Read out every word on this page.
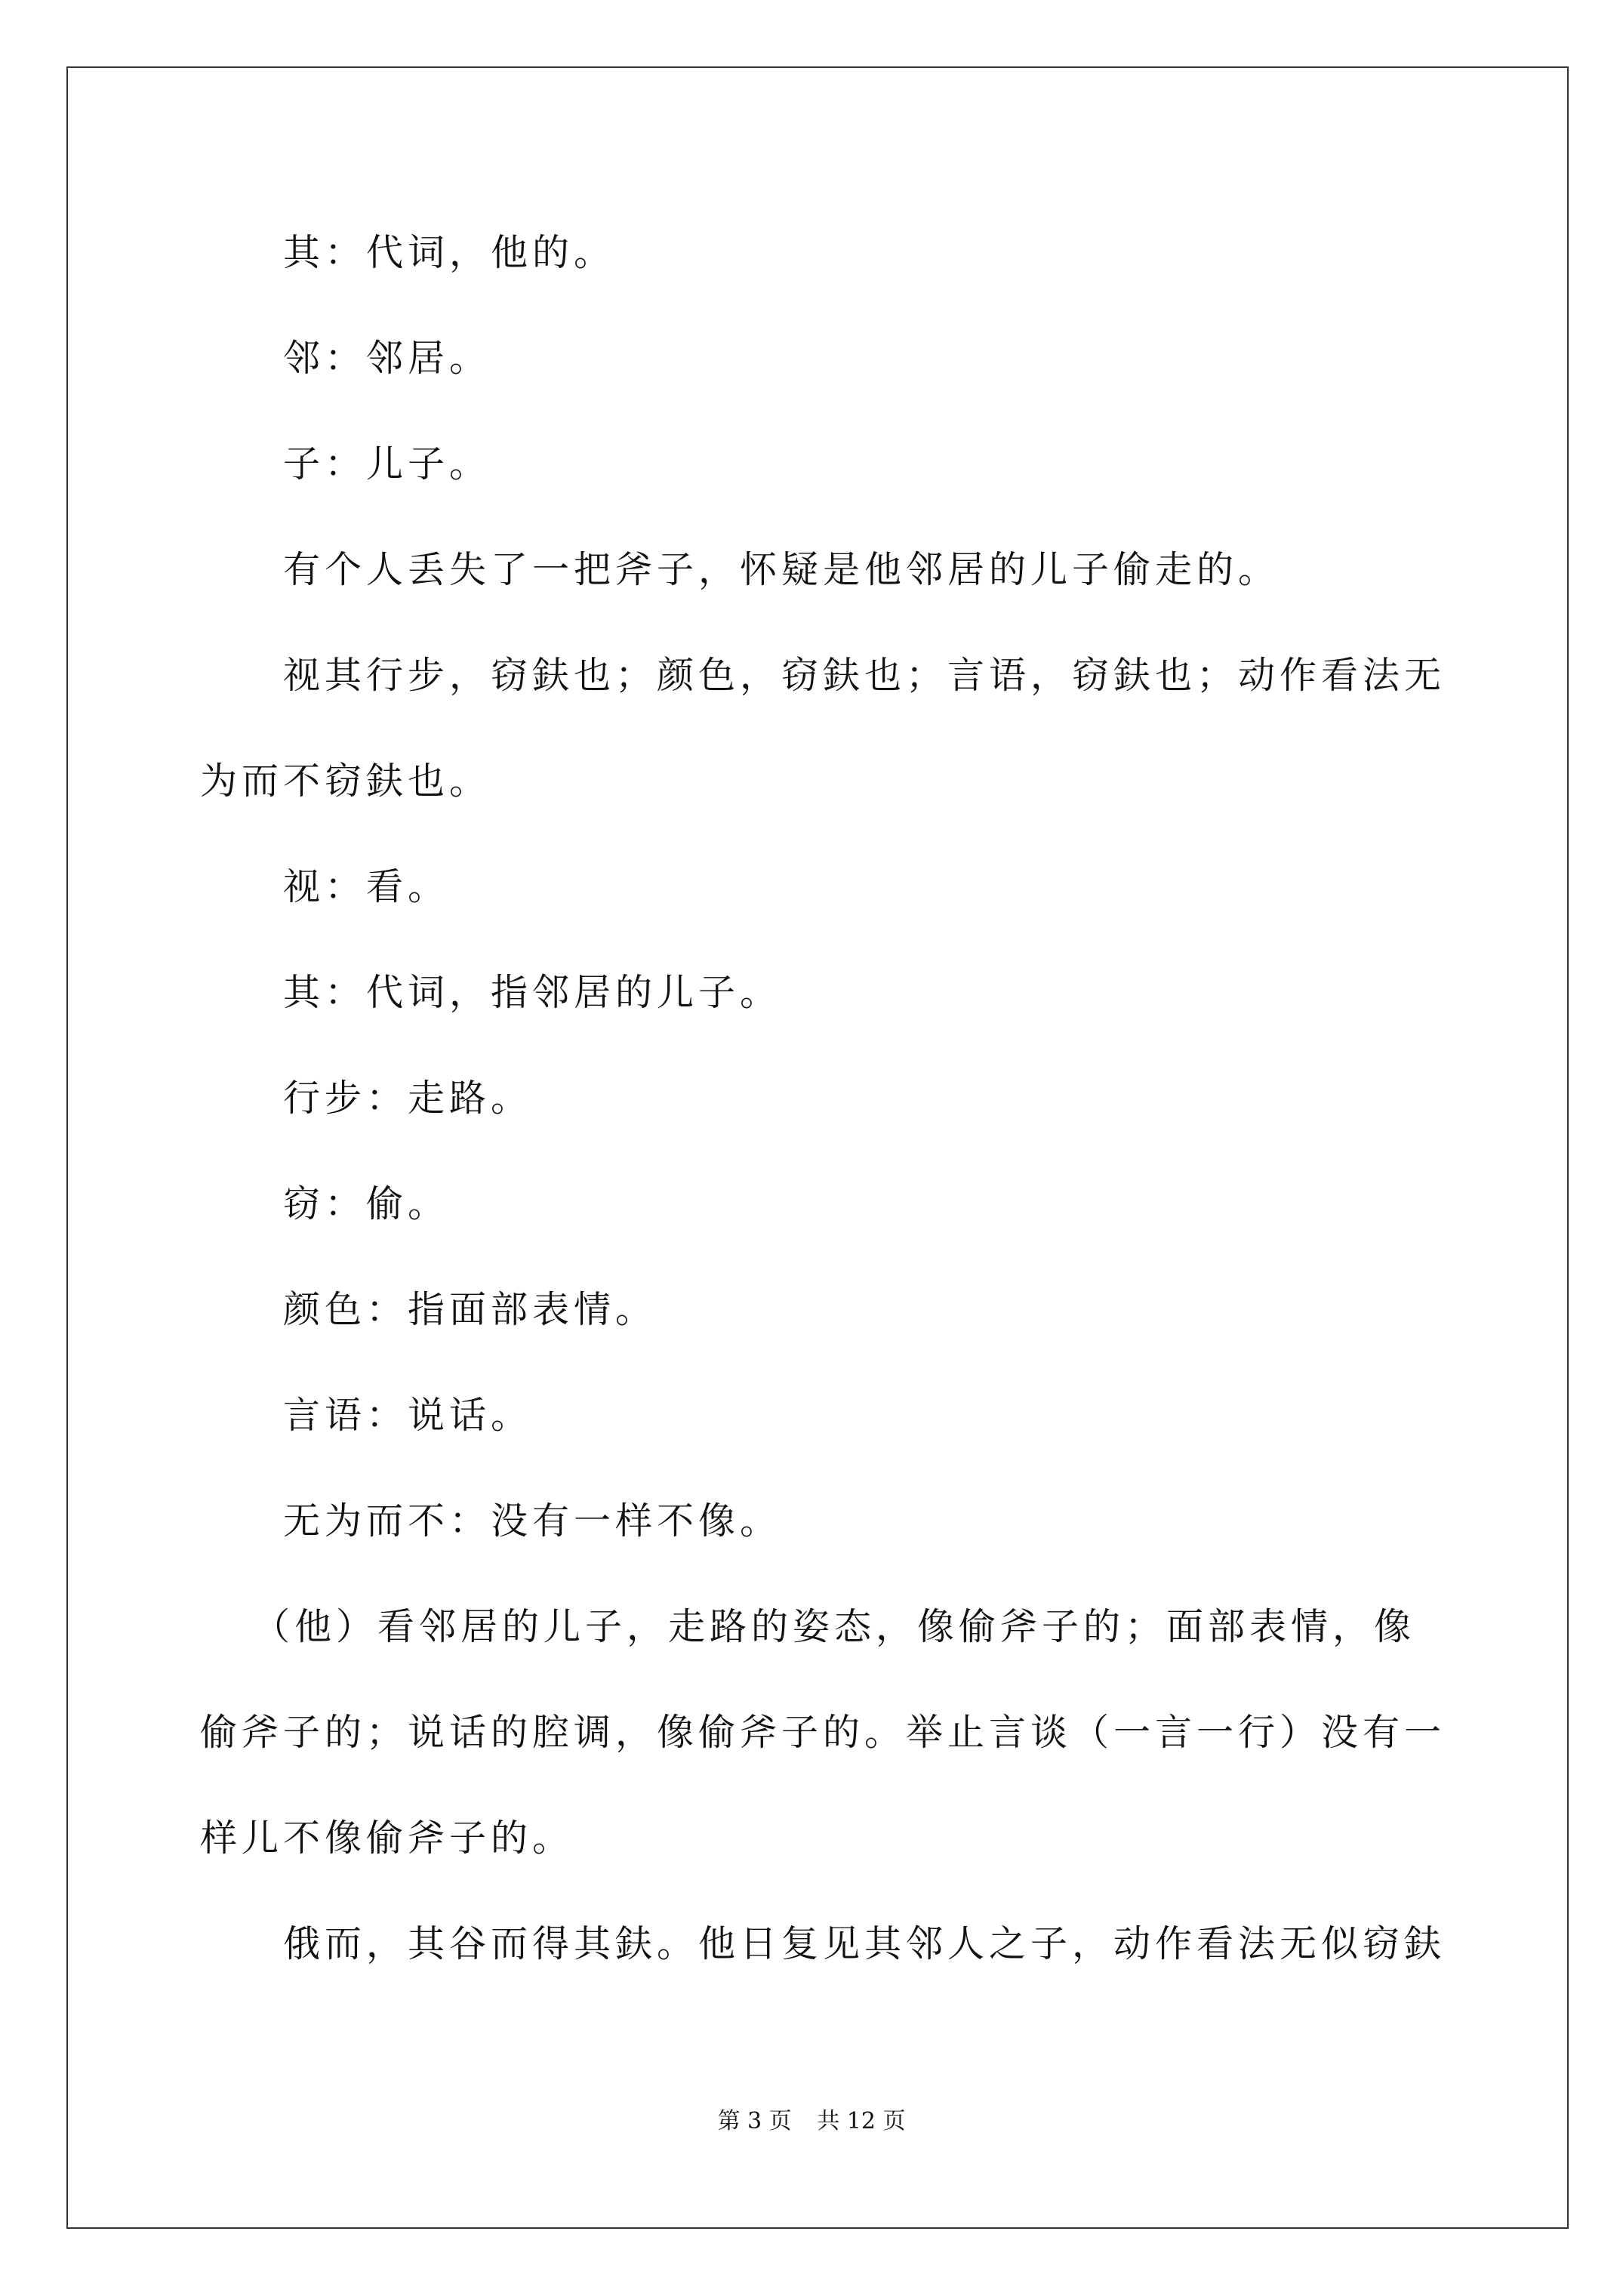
其：代词，他的。
邻：邻居。
子：儿子。
有个人丢失了一把斧子，怀疑是他邻居的儿子偷走的。
视其行步，窃鈇也；颜色，窃鈇也；言语，窃鈇也；动作看法无
为而不窃鈇也。
视：看。
其：代词，指邻居的儿子。
行步：走路。
窃：偷。
颜色：指面部表情。
言语：说话。
无为而不：没有一样不像。
（他）看邻居的儿子，走路的姿态，像偷斧子的；面部表情，像
偷斧子的；说话的腔调，像偷斧子的。举止言谈（一言一行）没有一
样儿不像偷斧子的。
俄而，其谷而得其鈇。他日复见其邻人之子，动作看法无似窃鈇
第 3 页 共 12 页
